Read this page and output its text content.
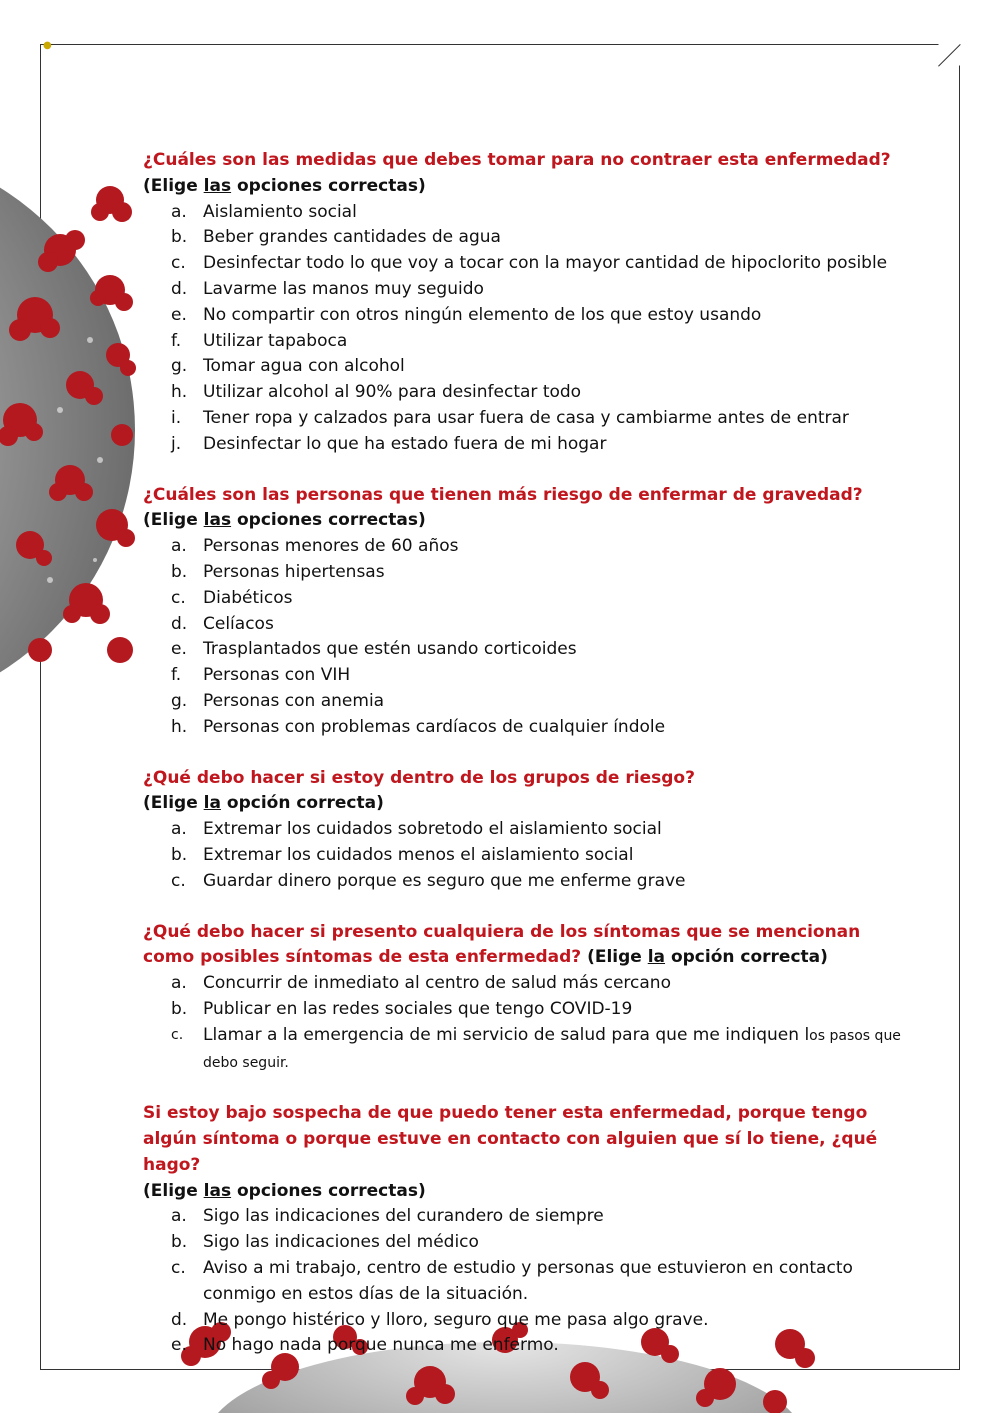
●

¿Cuáles son las medidas que debes tomar para no contraer esta enfermedad?

(Elige las opciones correctas)

a. Aislamiento social
b. Beber grandes cantidades de agua
c.	Desinfectar todo lo que voy a tocar con la mayor cantidad de hipoclorito posible
d. Lavarme las manos muy seguido
e. No compartir con otros ningún elemento de los que estoy usando
f.	Utilizar tapaboca
g. Tomar agua con alcohol
h. Utilizar alcohol al 90% para desinfectar todo
i.	Tener ropa y calzados para usar fuera de casa y cambiarme antes de entrar
j.	Desinfectar lo que ha estado fuera de mi hogar

¿Cuáles son las personas que tienen más riesgo de enfermar de gravedad?

(Elige las opciones correctas)

a. Personas menores de 60 años
b. Personas hipertensas
c.	Diabéticos
d. Celíacos
e. Trasplantados que estén usando corticoides
f.	Personas con VIH
g. Personas con anemia
h. Personas con problemas cardíacos de cualquier índole

¿Qué debo hacer si estoy dentro de los grupos de riesgo?

(Elige la opción correcta)

a. Extremar los cuidados sobretodo el aislamiento social
b. Extremar los cuidados menos el aislamiento social
c.	Guardar dinero porque es seguro que me enferme grave

¿Qué debo hacer si presento cualquiera de los síntomas que se mencionan como posibles síntomas de esta enfermedad? (Elige la opción correcta)

a. Concurrir de inmediato al centro de salud más cercano
b. Publicar en las redes sociales que tengo COVID-19
c.	Llamar a la emergencia de mi servicio de salud para que me indiquen los pasos que debo seguir.

Si estoy bajo sospecha de que puedo tener esta enfermedad, porque tengo algún síntoma o porque estuve en contacto con alguien que sí lo tiene, ¿qué hago?

(Elige las opciones correctas)

a. Sigo las indicaciones del curandero de siempre
b. Sigo las indicaciones del médico
c.	Aviso a mi trabajo, centro de estudio y personas que estuvieron en contacto conmigo en estos días de la situación.
d. Me pongo histérico y lloro, seguro que me pasa algo grave.
e. No hago nada porque nunca me enfermo.
